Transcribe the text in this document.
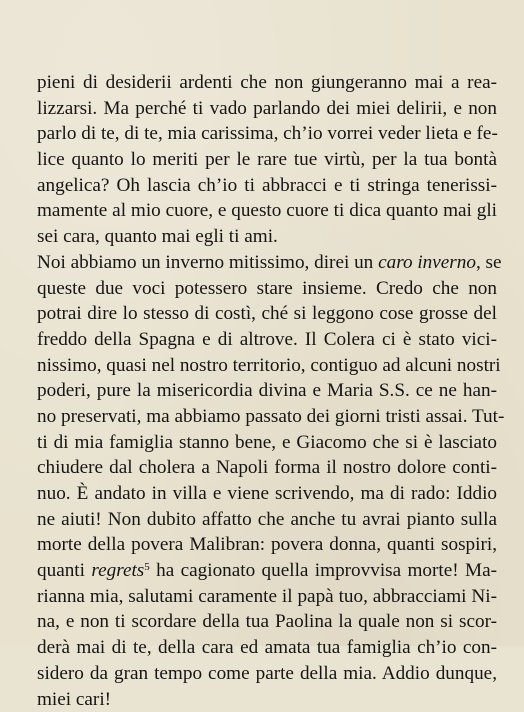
pieni di desiderii ardenti che non giungeranno mai a rea-
lizzarsi. Ma perché ti vado parlando dei miei delirii, e non
parlo di te, di te, mia carissima, ch’io vorrei veder lieta e fe-
lice quanto lo meriti per le rare tue virtù, per la tua bontà
angelica? Oh lascia ch’io ti abbracci e ti stringa tenerissi-
mamente al mio cuore, e questo cuore ti dica quanto mai gli
sei cara, quanto mai egli ti ami.
Noi abbiamo un inverno mitissimo, direi un caro inverno, se
queste due voci potessero stare insieme. Credo che non
potrai dire lo stesso di costì, ché si leggono cose grosse del
freddo della Spagna e di altrove. Il Colera ci è stato vici-
nissimo, quasi nel nostro territorio, contiguo ad alcuni nostri
poderi, pure la misericordia divina e Maria S.S. ce ne han-
no preservati, ma abbiamo passato dei giorni tristi assai. Tut-
ti di mia famiglia stanno bene, e Giacomo che si è lasciato
chiudere dal cholera a Napoli forma il nostro dolore conti-
nuo. È andato in villa e viene scrivendo, ma di rado: Iddio
ne aiuti! Non dubito affatto che anche tu avrai pianto sulla
morte della povera Malibran: povera donna, quanti sospiri,
quanti regrets$^5$ ha cagionato quella improvvisa morte! Ma-
rianna mia, salutami caramente il papà tuo, abbracciami Ni-
na, e non ti scordare della tua Paolina la quale non si scor-
derà mai di te, della cara ed amata tua famiglia ch’io con-
sidero da gran tempo come parte della mia. Addio dunque,
miei cari!
